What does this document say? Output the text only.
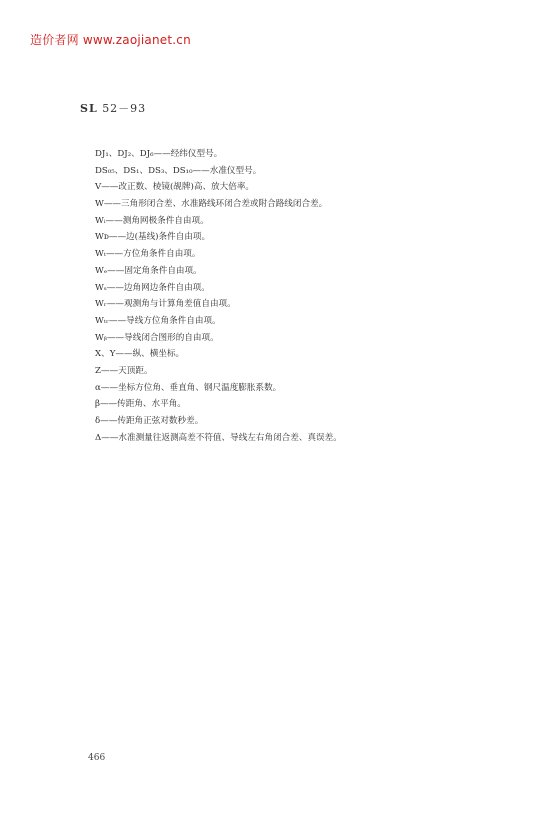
造价者网 www.zaojianet.cn
SL 52－93
DJ₁、DJ₂、DJ₆——经纬仪型号。
DS₀₅、DS₁、DS₃、DS₁₀——水准仪型号。
V——改正数、棱镜(觇牌)高、放大倍率。
W——三角形闭合差、水准路线环闭合差或附合路线闭合差。
Wᵢ——测角网极条件自由项。
Wᴅ——边(基线)条件自由项。
Wₜ——方位角条件自由项。
Wₑ——固定角条件自由项。
Wₛ——边角网边条件自由项。
Wᵣ——观测角与计算角差值自由项。
Wₜᵣ——导线方位角条件自由项。
Wᵦ——导线闭合图形的自由项。
X、Y——纵、横坐标。
Z——天顶距。
α——坐标方位角、垂直角、钢尺温度膨胀系数。
β——传距角、水平角。
δ——传距角正弦对数秒差。
Δ——水准测量往返测高差不符值、导线左右角闭合差、真误差。
466
